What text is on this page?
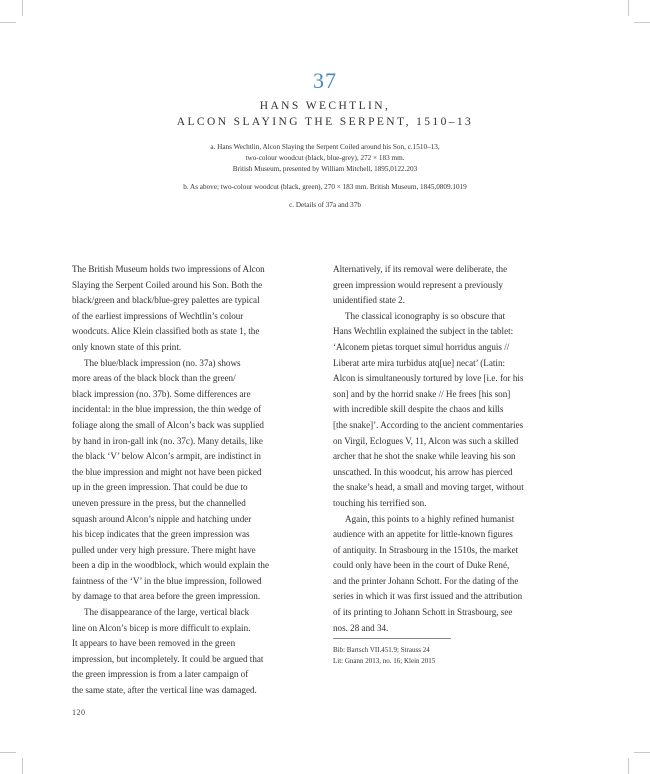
37
HANS WECHTLIN,
ALCON SLAYING THE SERPENT, 1510–13
a. Hans Wechtlin, Alcon Slaying the Serpent Coiled around his Son, c.1510–13,
two-colour woodcut (black, blue-grey), 272 × 183 mm.
British Museum, presented by William Mitchell, 1895,0122.203
b. As above; two-colour woodcut (black, green), 270 × 183 mm. British Museum, 1845,0809.1019
c. Details of 37a and 37b

The British Museum holds two impressions of Alcon
Slaying the Serpent Coiled around his Son. Both the
black/green and black/blue-grey palettes are typical
of the earliest impressions of Wechtlin’s colour
woodcuts. Alice Klein classified both as state 1, the
only known state of this print.

The blue/black impression (no. 37a) shows
more areas of the black block than the green/
black impression (no. 37b). Some differences are
incidental: in the blue impression, the thin wedge of
foliage along the small of Alcon’s back was supplied
by hand in iron-gall ink (no. 37c). Many details, like
the black ‘V’ below Alcon’s armpit, are indistinct in
the blue impression and might not have been picked
up in the green impression. That could be due to
uneven pressure in the press, but the channelled
squash around Alcon’s nipple and hatching under
his bicep indicates that the green impression was
pulled under very high pressure. There might have
been a dip in the woodblock, which would explain the
faintness of the ‘V’ in the blue impression, followed
by damage to that area before the green impression.

The disappearance of the large, vertical black
line on Alcon’s bicep is more difficult to explain.
It appears to have been removed in the green
impression, but incompletely. It could be argued that
the green impression is from a later campaign of
the same state, after the vertical line was damaged.

Alternatively, if its removal were deliberate, the
green impression would represent a previously
unidentified state 2.

The classical iconography is so obscure that
Hans Wechtlin explained the subject in the tablet:
‘Alconem pietas torquet simul horridus anguis //
Liberat arte mira turbidus atq[ue] necat’ (Latin:
Alcon is simultaneously tortured by love [i.e. for his
son] and by the horrid snake // He frees [his son]
with incredible skill despite the chaos and kills
[the snake]’. According to the ancient commentaries
on Virgil, Eclogues V, 11, Alcon was such a skilled
archer that he shot the snake while leaving his son
unscathed. In this woodcut, his arrow has pierced
the snake’s head, a small and moving target, without
touching his terrified son.

Again, this points to a highly refined humanist
audience with an appetite for little-known figures
of antiquity. In Strasbourg in the 1510s, the market
could only have been in the court of Duke René,
and the printer Johann Schott. For the dating of the
series in which it was first issued and the attribution
of its printing to Johann Schott in Strasbourg, see
nos. 28 and 34.

Bib: Bartsch VII.451.9; Strauss 24
Lit: Gnann 2013, no. 16; Klein 2015
120
